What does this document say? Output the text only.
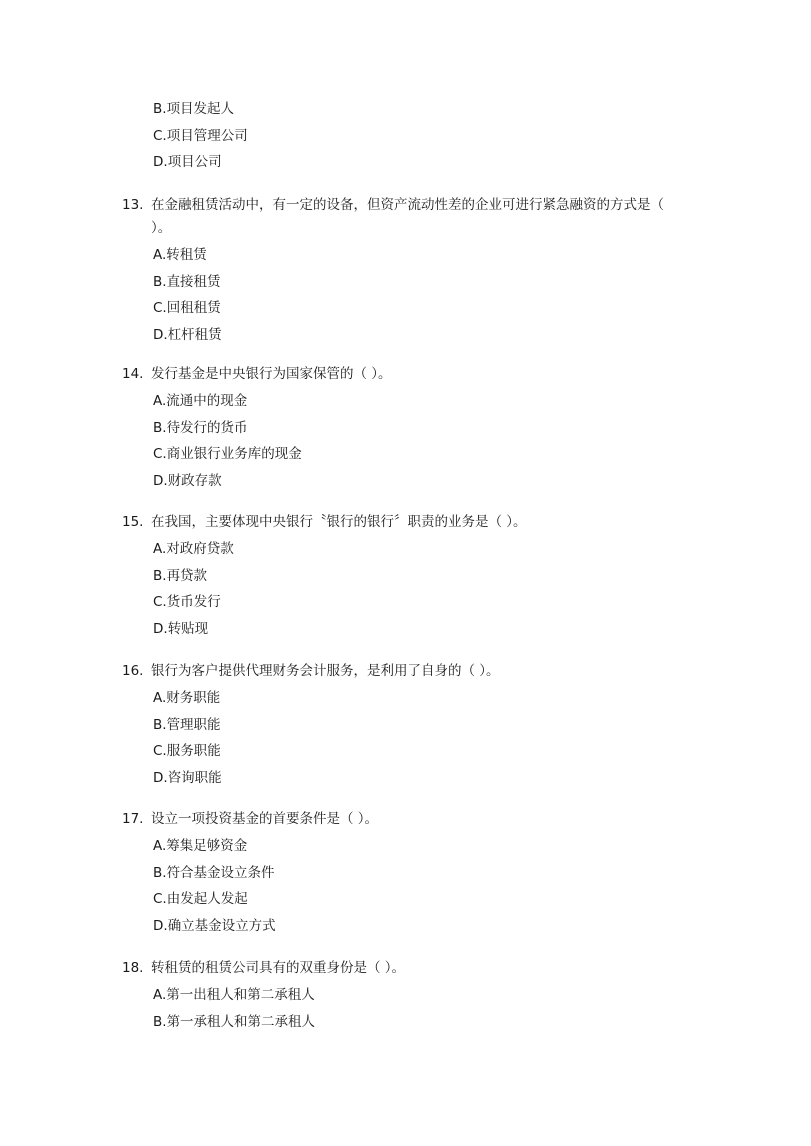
B.项目发起人
C.项目管理公司
D.项目公司
13. 在金融租赁活动中，有一定的设备，但资产流动性差的企业可进行紧急融资的方式是（ ）。
A.转租赁
B.直接租赁
C.回租租赁
D.杠杆租赁
14. 发行基金是中央银行为国家保管的（ ）。
A.流通中的现金
B.待发行的货币
C.商业银行业务库的现金
D.财政存款
15. 在我国，主要体现中央银行〝银行的银行〞职责的业务是（ ）。
A.对政府贷款
B.再贷款
C.货币发行
D.转贴现
16. 银行为客户提供代理财务会计服务，是利用了自身的（ ）。
A.财务职能
B.管理职能
C.服务职能
D.咨询职能
17. 设立一项投资基金的首要条件是（ ）。
A.筹集足够资金
B.符合基金设立条件
C.由发起人发起
D.确立基金设立方式
18. 转租赁的租赁公司具有的双重身份是（ ）。
A.第一出租人和第二承租人
B.第一承租人和第二承租人
